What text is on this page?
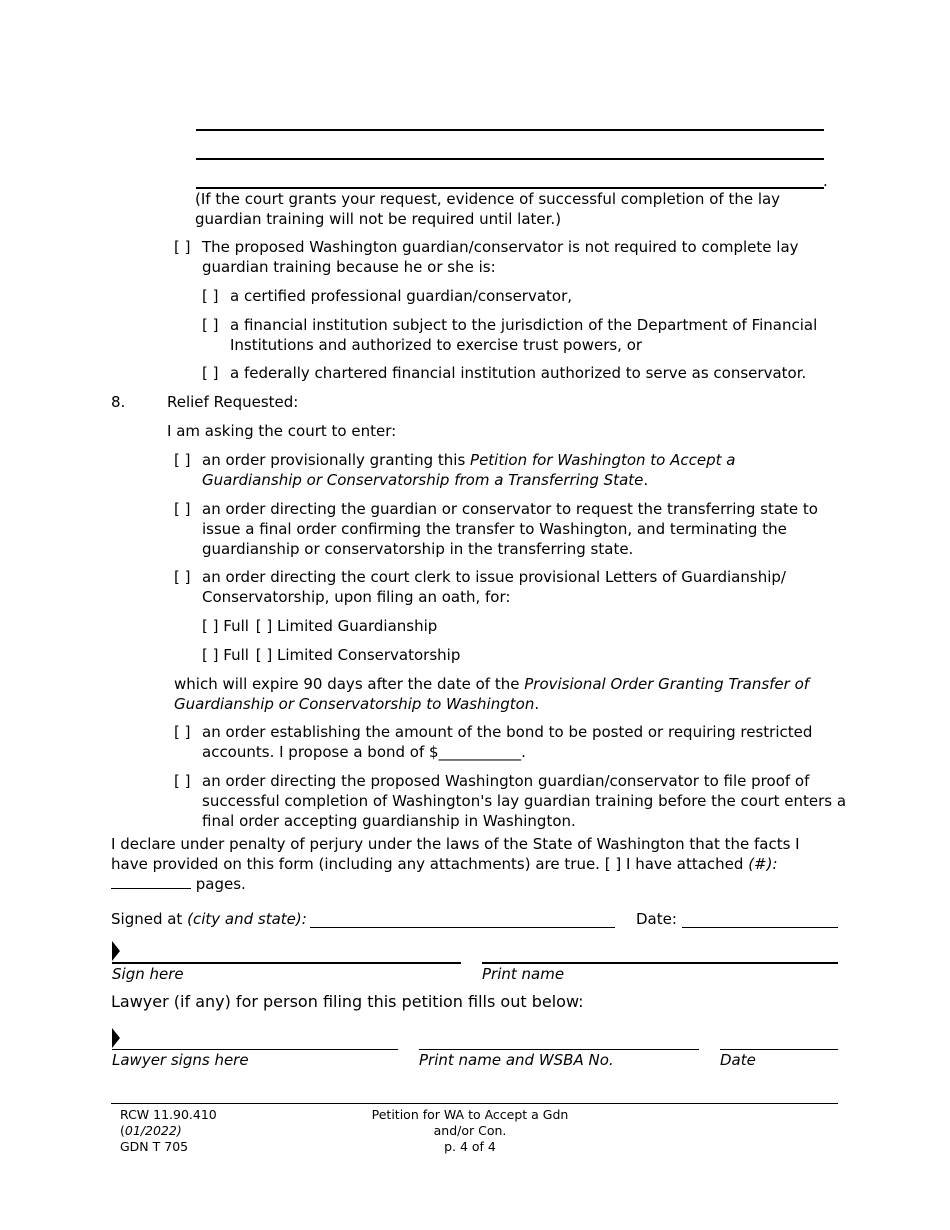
.
(If the court grants your request, evidence of successful completion of the lay guardian training will not be required until later.)
[ ] The proposed Washington guardian/conservator is not required to complete lay guardian training because he or she is:
[ ] a certified professional guardian/conservator,
[ ] a financial institution subject to the jurisdiction of the Department of Financial Institutions and authorized to exercise trust powers, or
[ ] a federally chartered financial institution authorized to serve as conservator.
8.	Relief Requested:
I am asking the court to enter:
[ ] an order provisionally granting this Petition for Washington to Accept a Guardianship or Conservatorship from a Transferring State.
[ ] an order directing the guardian or conservator to request the transferring state to issue a final order confirming the transfer to Washington, and terminating the guardianship or conservatorship in the transferring state.
[ ] an order directing the court clerk to issue provisional Letters of Guardianship/ Conservatorship, upon filing an oath, for:
[ ] Full [ ] Limited Guardianship
[ ] Full [ ] Limited Conservatorship
which will expire 90 days after the date of the Provisional Order Granting Transfer of Guardianship or Conservatorship to Washington.
[ ] an order establishing the amount of the bond to be posted or requiring restricted accounts. I propose a bond of $___________.
[ ] an order directing the proposed Washington guardian/conservator to file proof of successful completion of Washington's lay guardian training before the court enters a final order accepting guardianship in Washington.
I declare under penalty of perjury under the laws of the State of Washington that the facts I have provided on this form (including any attachments) are true. [ ] I have attached (#): pages.
Signed at (city and state):	Date:
Sign here	Print name
Lawyer (if any) for person filing this petition fills out below:
Lawyer signs here	Print name and WSBA No.	Date
RCW 11.90.410
(01/2022)
GDN T 705
Petition for WA to Accept a Gdn
and/or Con.
p. 4 of 4
